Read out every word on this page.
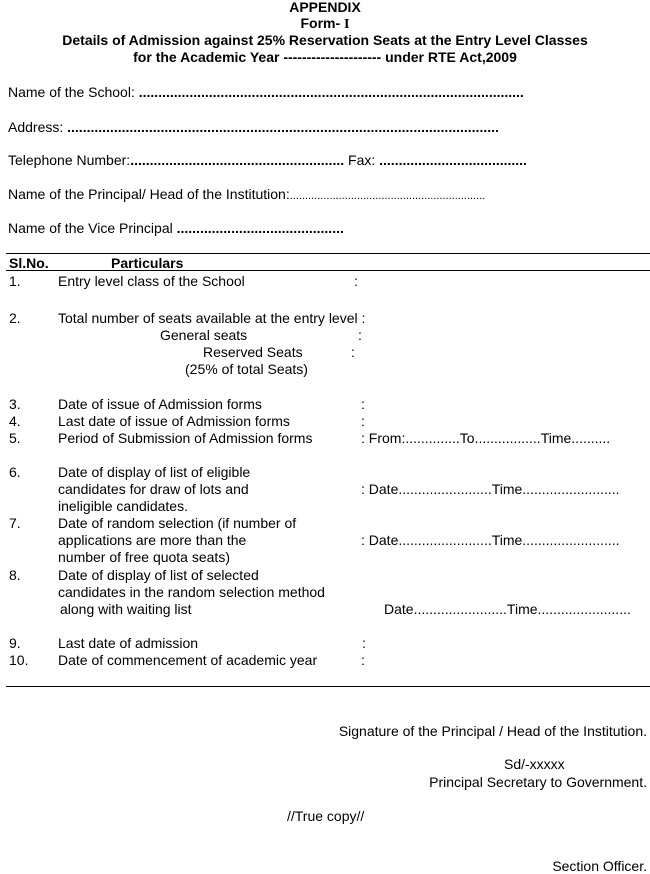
APPENDIX
Form- I
Details of Admission against 25% Reservation Seats at the Entry Level Classes
for the Academic Year --------------------- under RTE Act,2009
Name of the School: ...................................................................................................
Address: ...............................................................................................................
Telephone Number:....................................................... Fax: ......................................
Name of the Principal/ Head of the Institution:................................................................
Name of the Vice Principal ...........................................
Sl.No.	Particulars
1.	Entry level class of the School	:
2.	Total number of seats available at the entry level :
General seats	:
Reserved Seats	:
(25% of total Seats)
3.	Date of issue of Admission forms	:
4.	Last date of issue of Admission forms	:
5.	Period of Submission of Admission forms	: From:..............To.................Time..........
6.	Date of display of list of eligible
candidates for draw of lots and
ineligible candidates.
: Date........................Time.........................
7.	Date of random selection (if number of
applications are more than the
number of free quota seats)
: Date........................Time.........................
8.	Date of display of list of selected
candidates in the random selection method
along with waiting list	Date........................Time........................
9.	Last date of admission	:
10. Date of commencement of academic year	:
Signature of the Principal / Head of the Institution.
Sd/-xxxxx
Principal Secretary to Government.
//True copy//
Section Officer.
